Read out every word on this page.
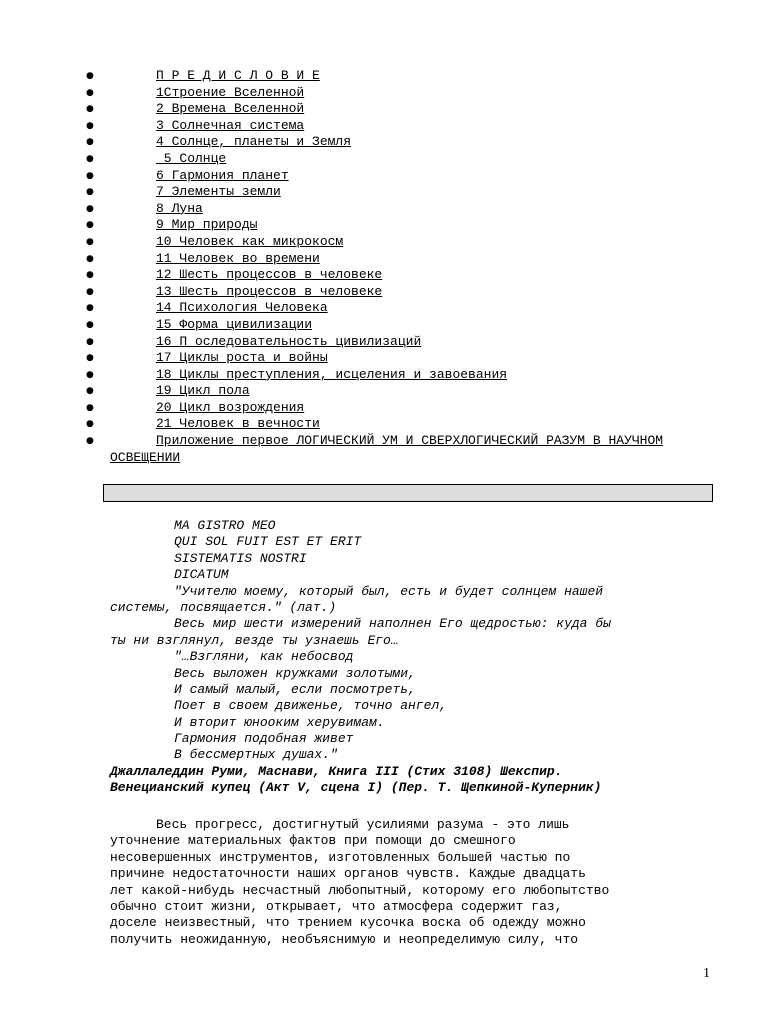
●	П Р Е Д И С Л О В И Е
●	1Строение Вселенной
●	2 Времена Вселенной
●	3 Солнечная система
●	4 Солнце, планеты и Земля
●	5 Солнце
●	6 Гармония планет
●	7 Элементы земли
●	8 Луна
●	9 Мир природы
●	10 Человек как микрокосм
●	11 Человек во времени
●	12 Шесть процессов в человеке
●	13 Шесть процессов в человеке
●	14 Психология Человека
●	15 Форма цивилизации
●	16 П оследовательность цивилизаций
●	17 Циклы роста и войны
●	18 Циклы преступления, исцеления и завоевания
●	19 Цикл пола
●	20 Цикл возрождения
●	21 Человек в вечности
●	Приложение первое ЛОГИЧЕСКИЙ УМ И СВЕРХЛОГИЧЕСКИЙ РАЗУМ В НАУЧНОМ ОСВЕЩЕНИИ
MA GISTRO MEO
QUI SOL FUIT EST ET ERIT
SISTEMATIS NOSTRI
DICATUM
"Учителю моему, который был, есть и будет солнцем нашей
системы, посвящается." (лат.)
Весь мир шести измерений наполнен Его щедростью: куда бы
ты ни взглянул, везде ты узнаешь Его…
"…Взгляни, как небосвод
Весь выложен кружками золотыми,
И самый малый, если посмотреть,
Поет в своем движенье, точно ангел,
И вторит юнооким херувимам.
Гармония подобная живет
В бессмертных душах."
Джаллаледдин Руми, Маснави, Книга III (Стих 3108) Шекспир.
Венецианский купец (Акт V, сцена I) (Пер. Т. Щепкиной-Куперник)
Весь прогресс, достигнутый усилиями разума - это лишь
уточнение материальных фактов при помощи до смешного
несовершенных инструментов, изготовленных большей частью по
причине недостаточности наших органов чувств. Каждые двадцать
лет какой-нибудь несчастный любопытный, которому его любопытство
обычно стоит жизни, открывает, что атмосфера содержит газ,
доселе неизвестный, что трением кусочка воска об одежду можно
получить неожиданную, необъяснимую и неопределимую силу, что
1
